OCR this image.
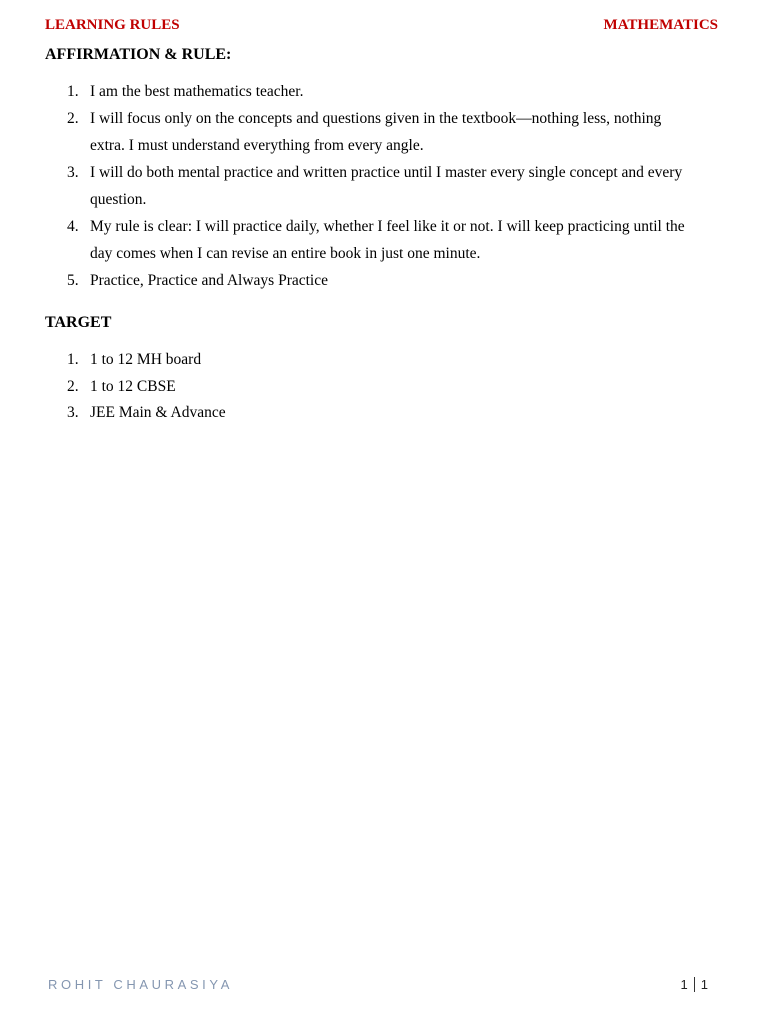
LEARNING RULES	MATHEMATICS
AFFIRMATION & RULE:
1. I am the best mathematics teacher.
2. I will focus only on the concepts and questions given in the textbook—nothing less, nothing extra. I must understand everything from every angle.
3. I will do both mental practice and written practice until I master every single concept and every question.
4. My rule is clear: I will practice daily, whether I feel like it or not. I will keep practicing until the day comes when I can revise an entire book in just one minute.
5. Practice, Practice and Always Practice
TARGET
1. 1 to 12 MH board
2. 1 to 12 CBSE
3. JEE Main & Advance
ROHIT CHAURASIYA	1 1
